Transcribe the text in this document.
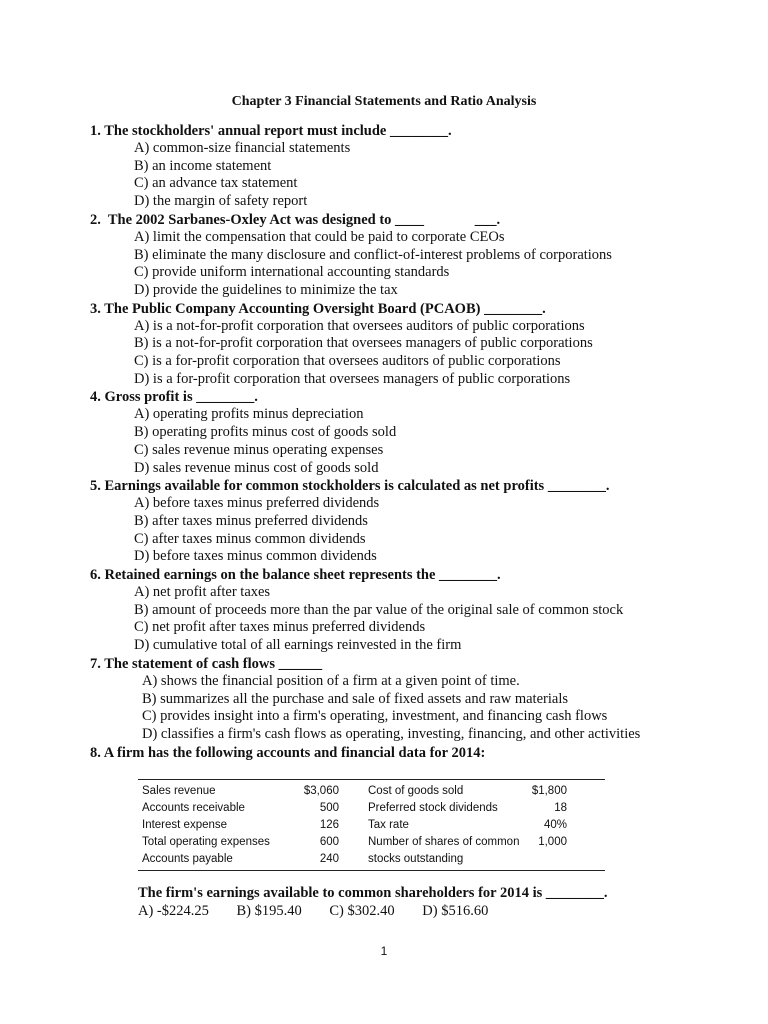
Chapter 3 Financial Statements and Ratio Analysis
1. The stockholders' annual report must include ________.
A) common-size financial statements
B) an income statement
C) an advance tax statement
D) the margin of safety report
2.  The 2002 Sarbanes-Oxley Act was designed to ____              ___.
A) limit the compensation that could be paid to corporate CEOs
B) eliminate the many disclosure and conflict-of-interest problems of corporations
C) provide uniform international accounting standards
D) provide the guidelines to minimize the tax
3. The Public Company Accounting Oversight Board (PCAOB) ________.
A) is a not-for-profit corporation that oversees auditors of public corporations
B) is a not-for-profit corporation that oversees managers of public corporations
C) is a for-profit corporation that oversees auditors of public corporations
D) is a for-profit corporation that oversees managers of public corporations
4. Gross profit is ________.
A) operating profits minus depreciation
B) operating profits minus cost of goods sold
C) sales revenue minus operating expenses
D) sales revenue minus cost of goods sold
5. Earnings available for common stockholders is calculated as net profits ________.
A) before taxes minus preferred dividends
B) after taxes minus preferred dividends
C) after taxes minus common dividends
D) before taxes minus common dividends
6. Retained earnings on the balance sheet represents the ________.
A) net profit after taxes
B) amount of proceeds more than the par value of the original sale of common stock
C) net profit after taxes minus preferred dividends
D) cumulative total of all earnings reinvested in the firm
7. The statement of cash flows ______
A) shows the financial position of a firm at a given point of time.
B) summarizes all the purchase and sale of fixed assets and raw materials
C) provides insight into a firm's operating, investment, and financing cash flows
D) classifies a firm's cash flows as operating, investing, financing, and other activities
8. A firm has the following accounts and financial data for 2014:
Sales revenue	$3,060	Cost of goods sold	$1,800
Accounts receivable	500	Preferred stock dividends	18
Interest expense	126	Tax rate	40%
Total operating expenses	600	Number of shares of common 1,000
Accounts payable	240	stocks outstanding
The firm's earnings available to common shareholders for 2014 is ________.
A) -$224.25 B) $195.40 C) $302.40 D) $516.60
1
